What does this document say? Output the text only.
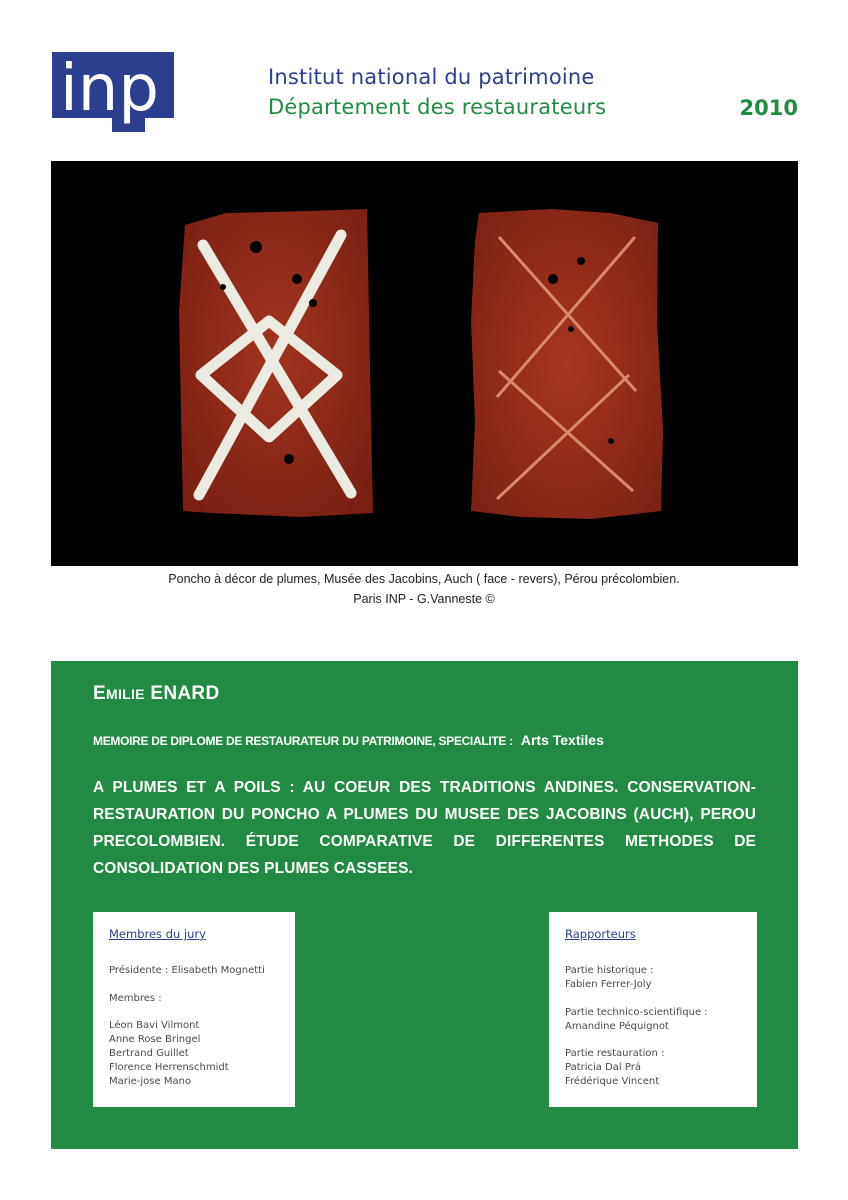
inp	Institut national du patrimoine
Département des restaurateurs	2010
Poncho à décor de plumes, Musée des Jacobins, Auch ( face - revers), Pérou précolombien.
Paris INP - G.Vanneste ©
EMILIE ENARD
MEMOIRE DE DIPLOME DE RESTAURATEUR DU PATRIMOINE, SPECIALITE : Arts Textiles
A PLUMES ET A POILS : AU COEUR DES TRADITIONS ANDINES. CONSERVATION-RESTAURATION DU PONCHO A PLUMES DU MUSEE DES JACOBINS (AUCH), PEROU PRECOLOMBIEN. ÉTUDE COMPARATIVE DE DIFFERENTES METHODES DE CONSOLIDATION DES PLUMES CASSEES.
Membres du jury
Présidente : Elisabeth Mognetti
Membres :
Léon Bavi Vilmont
Anne Rose Bringel
Bertrand Guillet
Florence Herrenschmidt
Marie-jose Mano
Rapporteurs
Partie historique :
Fabien Ferrer-Joly
Partie technico-scientifique :
Amandine Péquignot
Partie restauration :
Patricia Dal Prá
Frédérique Vincent
